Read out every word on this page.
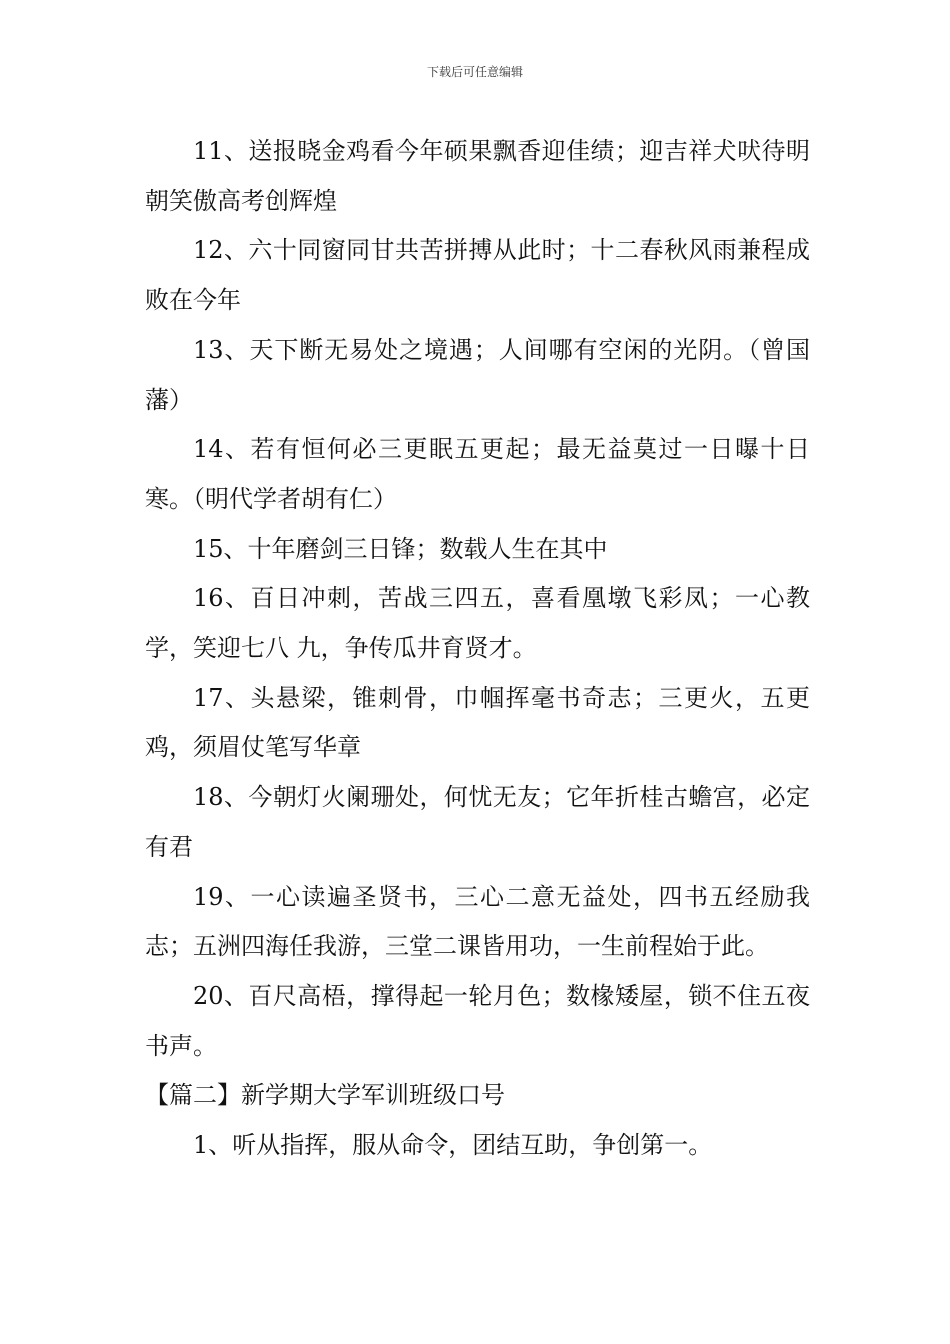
下载后可任意编辑

11、送报晓金鸡看今年硕果飘香迎佳绩；迎吉祥犬吠待明朝笑傲高考创辉煌

12、六十同窗同甘共苦拼搏从此时；十二春秋风雨兼程成败在今年

13、天下断无易处之境遇；人间哪有空闲的光阴。（曾国藩）

14、若有恒何必三更眠五更起；最无益莫过一日曝十日寒。（明代学者胡有仁）

15、十年磨剑三日锋；数载人生在其中

16、百日冲刺，苦战三四五，喜看凰墩飞彩凤；一心教学，笑迎七八 九，争传瓜井育贤才。

17、头悬梁，锥刺骨，巾帼挥毫书奇志；三更火，五更鸡，须眉仗笔写华章

18、今朝灯火阑珊处，何忧无友；它年折桂古蟾宫，必定有君

19、一心读遍圣贤书，三心二意无益处，四书五经励我志；五洲四海任我游，三堂二课皆用功，一生前程始于此。

20、百尺高梧，撑得起一轮月色；数椽矮屋，锁不住五夜书声。

【篇二】新学期大学军训班级口号

1、听从指挥，服从命令，团结互助，争创第一。
